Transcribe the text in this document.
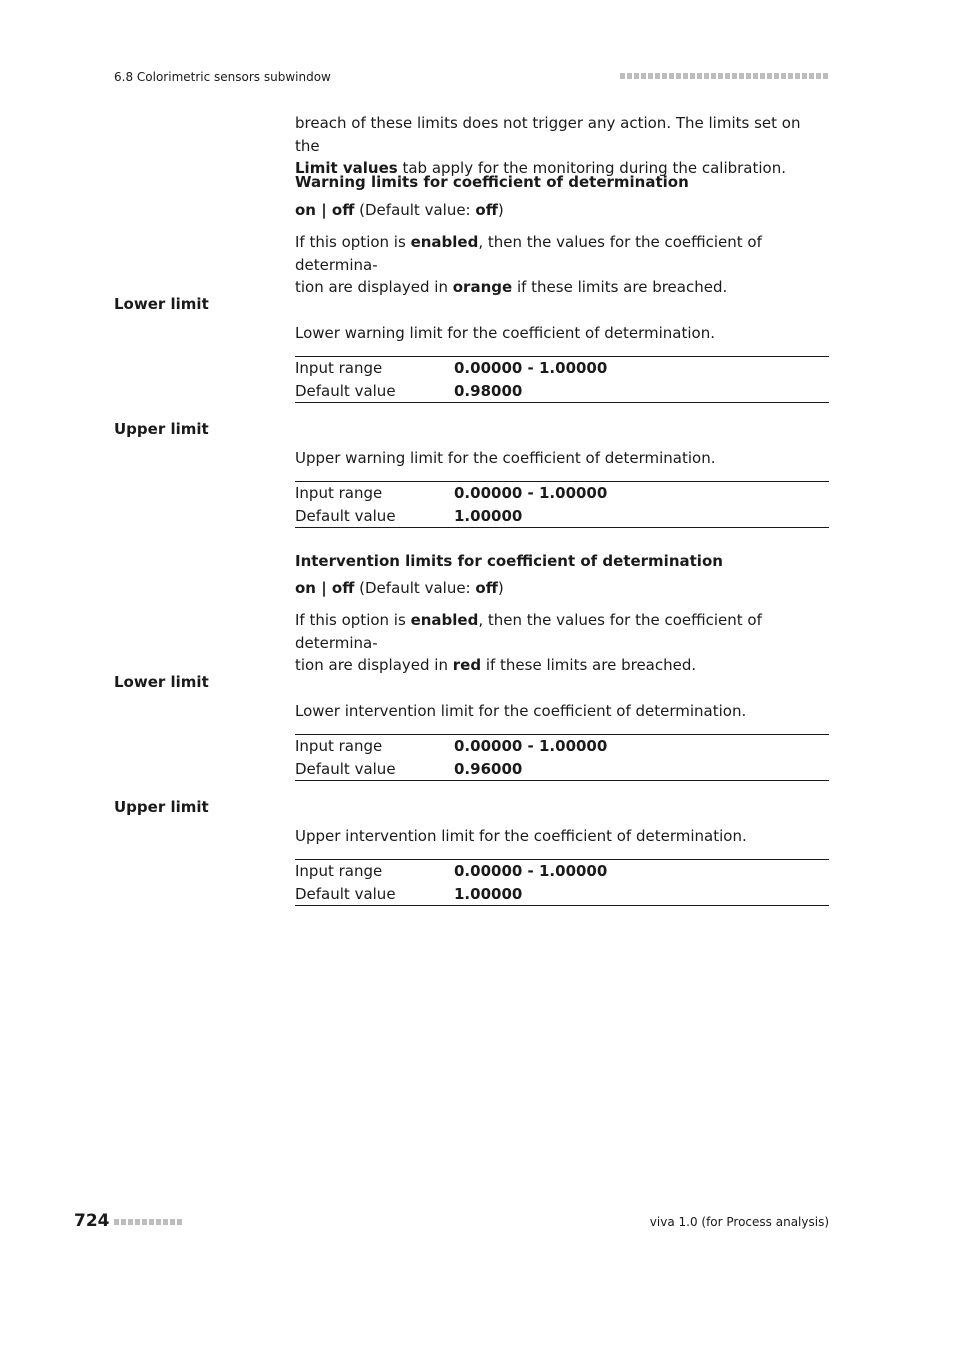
6.8 Colorimetric sensors subwindow

breach of these limits does not trigger any action. The limits set on the
Limit values tab apply for the monitoring during the calibration.

Warning limits for coefficient of determination
on | off (Default value: off)

If this option is enabled, then the values for the coefficient of determina-
tion are displayed in orange if these limits are breached.

Lower limit
Lower warning limit for the coefficient of determination.
Input range	0.00000 - 1.00000
Default value	0.98000
Upper limit
Upper warning limit for the coefficient of determination.
Input range	0.00000 - 1.00000
Default value	1.00000
Intervention limits for coefficient of determination
on | off (Default value: off)

If this option is enabled, then the values for the coefficient of determina-
tion are displayed in red if these limits are breached.

Lower limit
Lower intervention limit for the coefficient of determination.
Input range	0.00000 - 1.00000
Default value	0.96000
Upper limit
Upper intervention limit for the coefficient of determination.
Input range	0.00000 - 1.00000
Default value	1.00000
724	viva 1.0 (for Process analysis)
